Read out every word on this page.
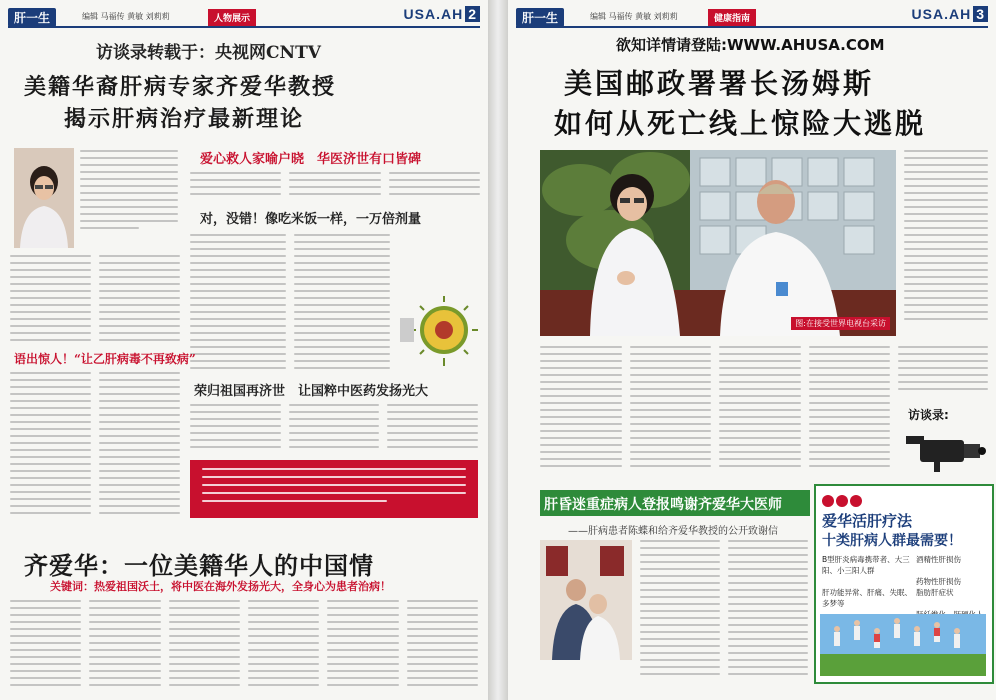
肝一生	编辑 马福传 黄敏 刘莉莉	人物展示	USA.AH 2
访谈录转载于：央视网CNTV
美籍华裔肝病专家齐爱华教授
揭示肝病治疗最新理论
爱心救人家喻户晓　华医济世有口皆碑
对，没错！像吃米饭一样，一万倍剂量
语出惊人！“让乙肝病毒不再致病”
荣归祖国再济世　让国粹中医药发扬光大
齐爱华：一位美籍华人的中国情
关键词：热爱祖国沃土，将中医在海外发扬光大，全身心为患者治病！
肝一生	编辑 马福传 黄敏 刘莉莉	健康指南	USA.AH 3
欲知详情请登陆:WWW.AHUSA.COM
美国邮政署署长汤姆斯
如何从死亡线上惊险大逃脱
图:在接受世界电视台采访
访谈录:
肝昏迷重症病人登报鸣谢齐爱华大医师
——肝病患者陈蝶和给齐爱华教授的公开致谢信
爱华活肝疗法
十类肝病人群最需要！
B型肝炎病毒携带者、大三阳、小三阳人群
酒精性肝损伤
药物性肝损伤
肝功能异常、肝痛、失眠、多梦等
脂肪肝症状
